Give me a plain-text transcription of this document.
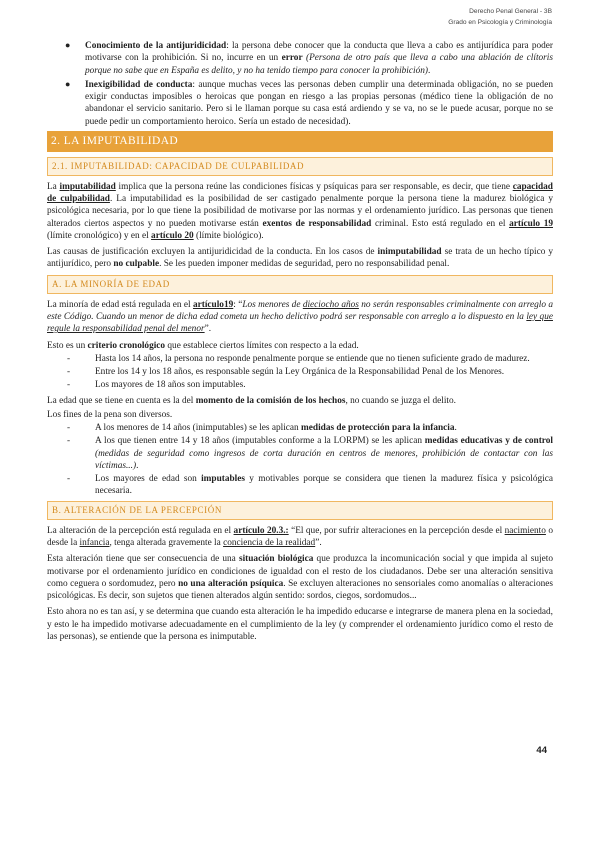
Derecho Penal General - 3B
Grado en Psicología y Criminología
● Conocimiento de la antijuridicidad: la persona debe conocer que la conducta que lleva a cabo es antijurídica para poder motivarse con la prohibición. Si no, incurre en un error (Persona de otro país que lleva a cabo una ablación de clítoris porque no sabe que en España es delito, y no ha tenido tiempo para conocer la prohibición).
● Inexigibilidad de conducta: aunque muchas veces las personas deben cumplir una determinada obligación, no se pueden exigir conductas imposibles o heroicas que pongan en riesgo a las propias personas (médico tiene la obligación de no abandonar el servicio sanitario. Pero si le llaman porque su casa está ardiendo y se va, no se le puede acusar, porque no se puede pedir un comportamiento heroico. Sería un estado de necesidad).
2. LA IMPUTABILIDAD
2.1. IMPUTABILIDAD: CAPACIDAD DE CULPABILIDAD

La imputabilidad implica que la persona reúne las condiciones físicas y psíquicas para ser responsable, es decir, que tiene capacidad de culpabilidad. La imputabilidad es la posibilidad de ser castigado penalmente porque la persona tiene la madurez biológica y psicológica necesaria, por lo que tiene la posibilidad de motivarse por las normas y el ordenamiento jurídico. Las personas que tienen alterados ciertos aspectos y no pueden motivarse están exentos de responsabilidad criminal. Esto está regulado en el artículo 19 (límite cronológico) y en el artículo 20 (límite biológico).

Las causas de justificación excluyen la antijuridicidad de la conducta. En los casos de inimputabilidad se trata de un hecho típico y antijurídico, pero no culpable. Se les pueden imponer medidas de seguridad, pero no responsabilidad penal.

A. LA MINORÍA DE EDAD

La minoría de edad está regulada en el artículo19: “Los menores de dieciocho años no serán responsables criminalmente con arreglo a este Código. Cuando un menor de dicha edad cometa un hecho delictivo podrá ser responsable con arreglo a lo dispuesto en la ley que regule la responsabilidad penal del menor”.

Esto es un criterio cronológico que establece ciertos límites con respecto a la edad.

-	Hasta los 14 años, la persona no responde penalmente porque se entiende que no tienen suficiente grado de madurez.
-	Entre los 14 y los 18 años, es responsable según la Ley Orgánica de la Responsabilidad Penal de los Menores.
-	Los mayores de 18 años son imputables.

La edad que se tiene en cuenta es la del momento de la comisión de los hechos, no cuando se juzga el delito.

Los fines de la pena son diversos.

-	A los menores de 14 años (inimputables) se les aplican medidas de protección para la infancia.
-	A los que tienen entre 14 y 18 años (imputables conforme a la LORPM) se les aplican medidas educativas y de control (medidas de seguridad como ingresos de corta duración en centros de menores, prohibición de contactar con las víctimas...).
-	Los mayores de edad son imputables y motivables porque se considera que tienen la madurez física y psicológica necesaria.
B. ALTERACIÓN DE LA PERCEPCIÓN

La alteración de la percepción está regulada en el artículo 20.3.: “El que, por sufrir alteraciones en la percepción desde el nacimiento o desde la infancia, tenga alterada gravemente la conciencia de la realidad”.

Esta alteración tiene que ser consecuencia de una situación biológica que produzca la incomunicación social y que impida al sujeto motivarse por el ordenamiento jurídico en condiciones de igualdad con el resto de los ciudadanos. Debe ser una alteración sensitiva como ceguera o sordomudez, pero no una alteración psíquica. Se excluyen alteraciones no sensoriales como anomalías o alteraciones psicológicas. Es decir, son sujetos que tienen alterados algún sentido: sordos, ciegos, sordomudos...

Esto ahora no es tan así, y se determina que cuando esta alteración le ha impedido educarse e integrarse de manera plena en la sociedad, y esto le ha impedido motivarse adecuadamente en el cumplimiento de la ley (y comprender el ordenamiento jurídico como el resto de las personas), se entiende que la persona es inimputable.

44
